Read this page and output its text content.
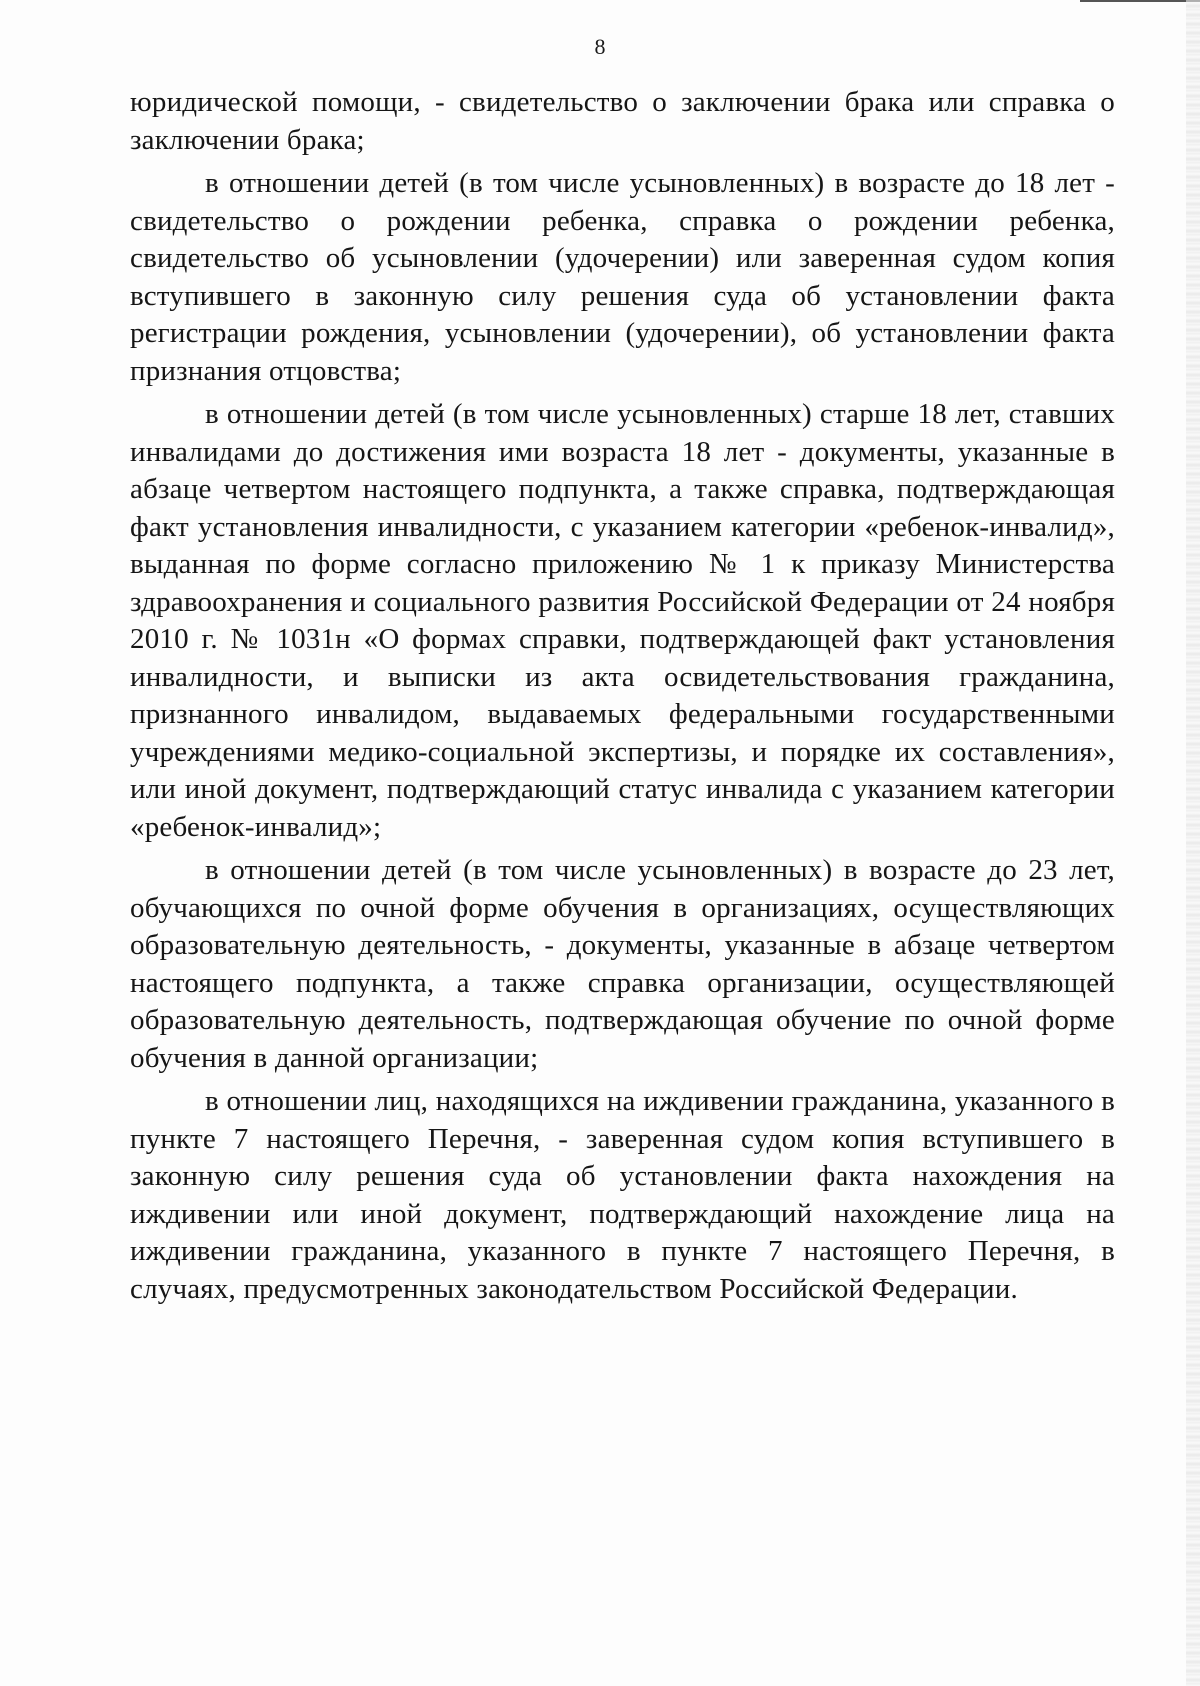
8

юридической помощи, - свидетельство о заключении брака или справка о заключении брака;

в отношении детей (в том числе усыновленных) в возрасте до 18 лет - свидетельство о рождении ребенка, справка о рождении ребенка, свидетельство об усыновлении (удочерении) или заверенная судом копия вступившего в законную силу решения суда об установлении факта регистрации рождения, усыновлении (удочерении), об установлении факта признания отцовства;

в отношении детей (в том числе усыновленных) старше 18 лет, ставших инвалидами до достижения ими возраста 18 лет - документы, указанные в абзаце четвертом настоящего подпункта, а также справка, подтверждающая факт установления инвалидности, с указанием категории «ребенок-инвалид», выданная по форме согласно приложению № 1 к приказу Министерства здравоохранения и социального развития Российской Федерации от 24 ноября 2010 г. № 1031н «О формах справки, подтверждающей факт установления инвалидности, и выписки из акта освидетельствования гражданина, признанного инвалидом, выдаваемых федеральными государственными учреждениями медико-социальной экспертизы, и порядке их составления», или иной документ, подтверждающий статус инвалида с указанием категории «ребенок-инвалид»;

в отношении детей (в том числе усыновленных) в возрасте до 23 лет, обучающихся по очной форме обучения в организациях, осуществляющих образовательную деятельность, - документы, указанные в абзаце четвертом настоящего подпункта, а также справка организации, осуществляющей образовательную деятельность, подтверждающая обучение по очной форме обучения в данной организации;

в отношении лиц, находящихся на иждивении гражданина, указанного в пункте 7 настоящего Перечня, - заверенная судом копия вступившего в законную силу решения суда об установлении факта нахождения на иждивении или иной документ, подтверждающий нахождение лица на иждивении гражданина, указанного в пункте 7 настоящего Перечня, в случаях, предусмотренных законодательством Российской Федерации.
